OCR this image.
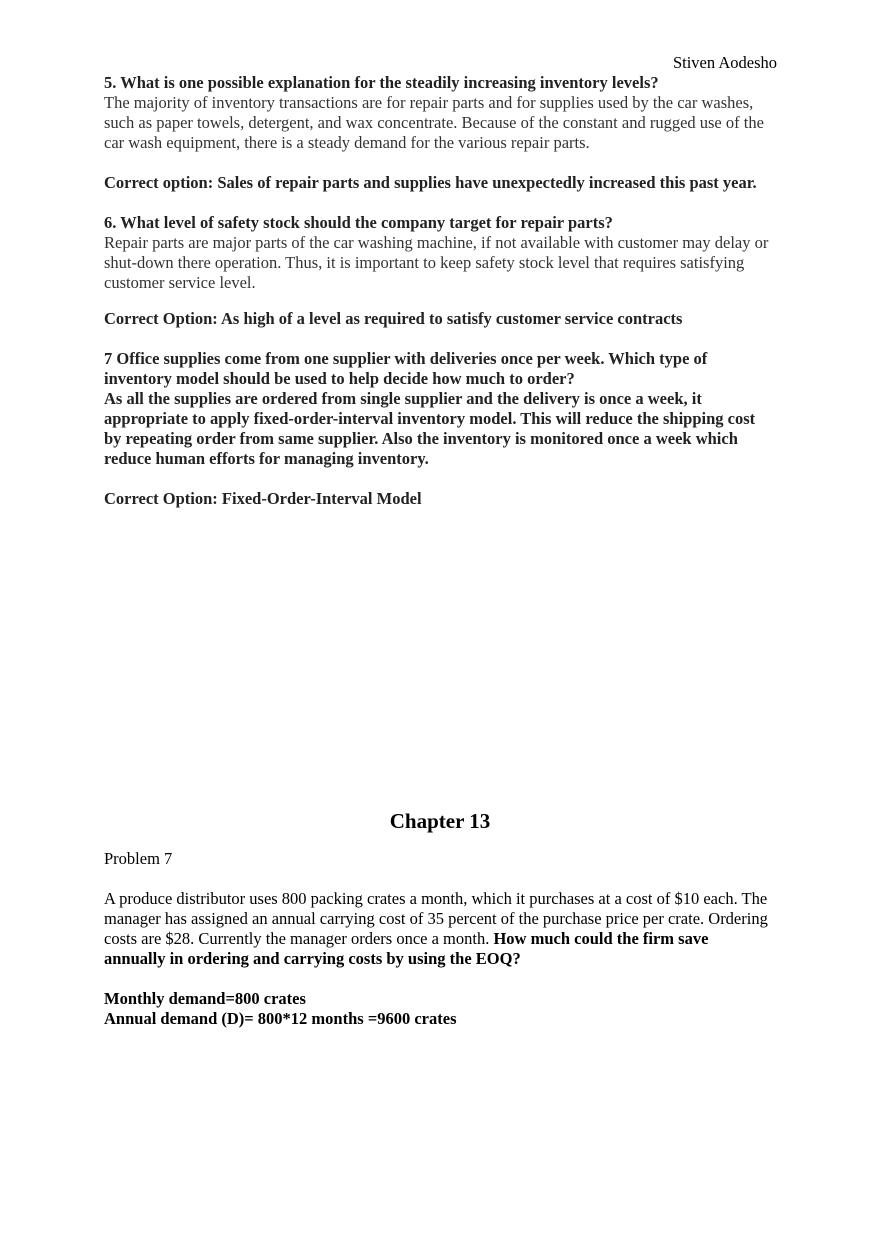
Stiven Aodesho
5. What is one possible explanation for the steadily increasing inventory levels?
The majority of inventory transactions are for repair parts and for supplies used by the car washes, such as paper towels, detergent, and wax concentrate. Because of the constant and rugged use of the car wash equipment, there is a steady demand for the various repair parts.
Correct option: Sales of repair parts and supplies have unexpectedly increased this past year.
6. What level of safety stock should the company target for repair parts?
Repair parts are major parts of the car washing machine, if not available with customer may delay or shut-down there operation. Thus, it is important to keep safety stock level that requires satisfying customer service level.
Correct Option: As high of a level as required to satisfy customer service contracts
7 Office supplies come from one supplier with deliveries once per week. Which type of inventory model should be used to help decide how much to order?
As all the supplies are ordered from single supplier and the delivery is once a week, it appropriate to apply fixed-order-interval inventory model. This will reduce the shipping cost by repeating order from same supplier. Also the inventory is monitored once a week which reduce human efforts for managing inventory.
Correct Option: Fixed-Order-Interval Model
Chapter 13
Problem 7
A produce distributor uses 800 packing crates a month, which it purchases at a cost of $10 each. The manager has assigned an annual carrying cost of 35 percent of the purchase price per crate. Ordering costs are $28. Currently the manager orders once a month. How much could the firm save annually in ordering and carrying costs by using the EOQ?
Monthly demand=800 crates
Annual demand (D)= 800*12 months =9600 crates
